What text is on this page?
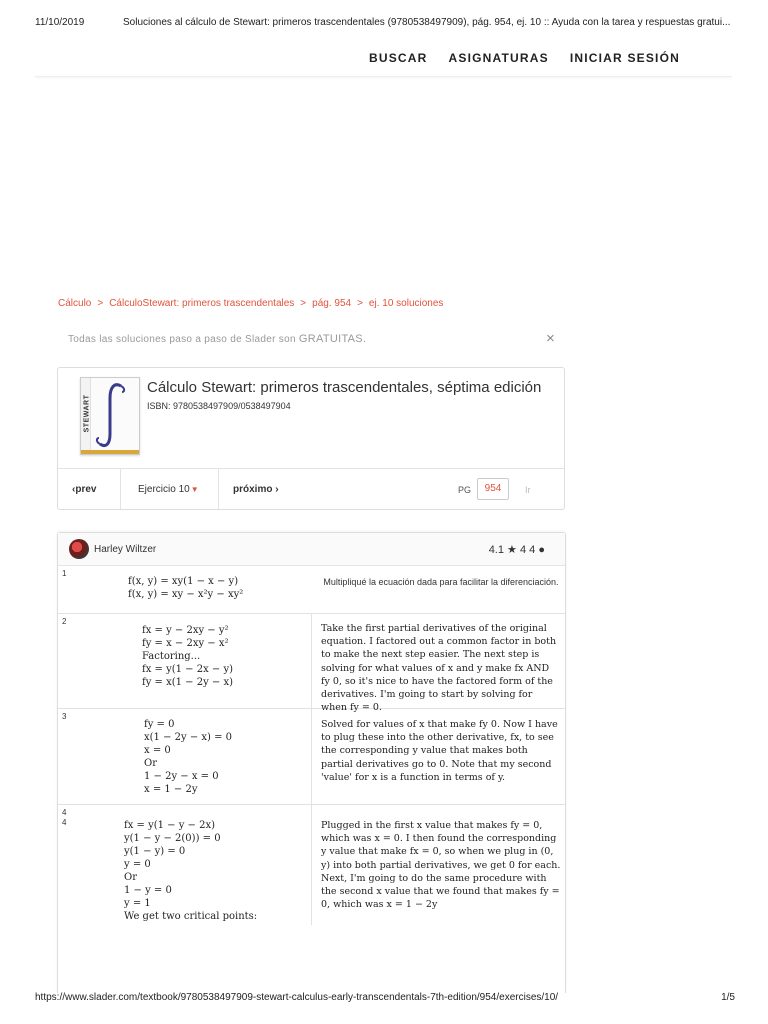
11/10/2019	Soluciones al cálculo de Stewart: primeros trascendentales (9780538497909), pág. 954, ej. 10 :: Ayuda con la tarea y respuestas gratui...
BUSCAR ASIGNATURAS INICIAR SESIÓN
Cálculo > CálculoStewart: primeros trascendentales > pág. 954 > ej. 10 soluciones
Todas las soluciones paso a paso de Slader son GRATUITAS.	×
STEWART
Cálculo Stewart: primeros trascendentales, séptima edición
ISBN: 9780538497909/0538497904
‹prev	Ejercicio 10▼	próximo ›	PG	954	Ir
Harley Wiltzer	4.1 ★ 4 4 ●
1
f(x, y) = xy(1 − x − y)
f(x, y) = xy − x²y − xy²
Multipliqué la ecuación dada para facilitar la diferenciación.
2
fx = y − 2xy − y²
fy = x − 2xy − x²
Factoring...
fx = y(1 − 2x − y)
fy = x(1 − 2y − x)
Take the first partial derivatives of the original equation. I factored out a common factor in both to make the next step easier. The next step is solving for what values of x and y make fx AND fy 0, so it's nice to have the factored form of the derivatives. I'm going to start by solving for when fy = 0.
3
fy = 0
x(1 − 2y − x) = 0
x = 0
Or
1 − 2y − x = 0
x = 1 − 2y
Solved for values of x that make fy 0. Now I have to plug these into the other derivative, fx, to see the corresponding y value that makes both partial derivatives go to 0. Note that my second 'value' for x is a function in terms of y.
4
4	fx = y(1 − y − 2x)
y(1 − y − 2(0)) = 0
y(1 − y) = 0
y = 0
Or
1 − y = 0
y = 1
We get two critical points:
Plugged in the first x value that makes fy = 0, which was x = 0. I then found the corresponding y value that make fx = 0, so when we plug in (0, y) into both partial derivatives, we get 0 for each. Next, I'm going to do the same procedure with the second x value that we found that makes fy = 0, which was x = 1 − 2y
https://www.slader.com/textbook/9780538497909-stewart-calculus-early-transcendentals-7th-edition/954/exercises/10/	1/5
